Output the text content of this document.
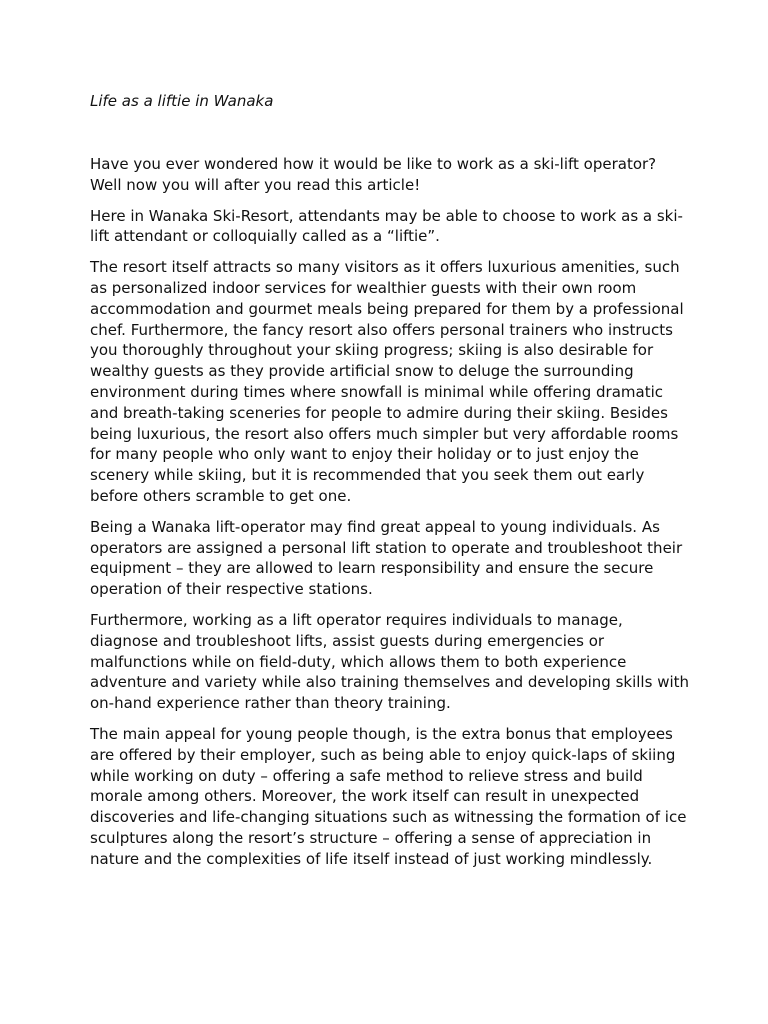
Life as a liftie in Wanaka

Have you ever wondered how it would be like to work as a ski-lift operator? Well now you will after you read this article!

Here in Wanaka Ski-Resort, attendants may be able to choose to work as a ski-lift attendant or colloquially called as a “liftie”.

The resort itself attracts so many visitors as it offers luxurious amenities, such as personalized indoor services for wealthier guests with their own room accommodation and gourmet meals being prepared for them by a professional chef. Furthermore, the fancy resort also offers personal trainers who instructs you thoroughly throughout your skiing progress; skiing is also desirable for wealthy guests as they provide artificial snow to deluge the surrounding environment during times where snowfall is minimal while offering dramatic and breath-taking sceneries for people to admire during their skiing. Besides being luxurious, the resort also offers much simpler but very affordable rooms for many people who only want to enjoy their holiday or to just enjoy the scenery while skiing, but it is recommended that you seek them out early before others scramble to get one.

Being a Wanaka lift-operator may find great appeal to young individuals. As operators are assigned a personal lift station to operate and troubleshoot their equipment – they are allowed to learn responsibility and ensure the secure operation of their respective stations.

Furthermore, working as a lift operator requires individuals to manage, diagnose and troubleshoot lifts, assist guests during emergencies or malfunctions while on field-duty, which allows them to both experience adventure and variety while also training themselves and developing skills with on-hand experience rather than theory training.

The main appeal for young people though, is the extra bonus that employees are offered by their employer, such as being able to enjoy quick-laps of skiing while working on duty – offering a safe method to relieve stress and build morale among others. Moreover, the work itself can result in unexpected discoveries and life-changing situations such as witnessing the formation of ice sculptures along the resort’s structure – offering a sense of appreciation in nature and the complexities of life itself instead of just working mindlessly.
